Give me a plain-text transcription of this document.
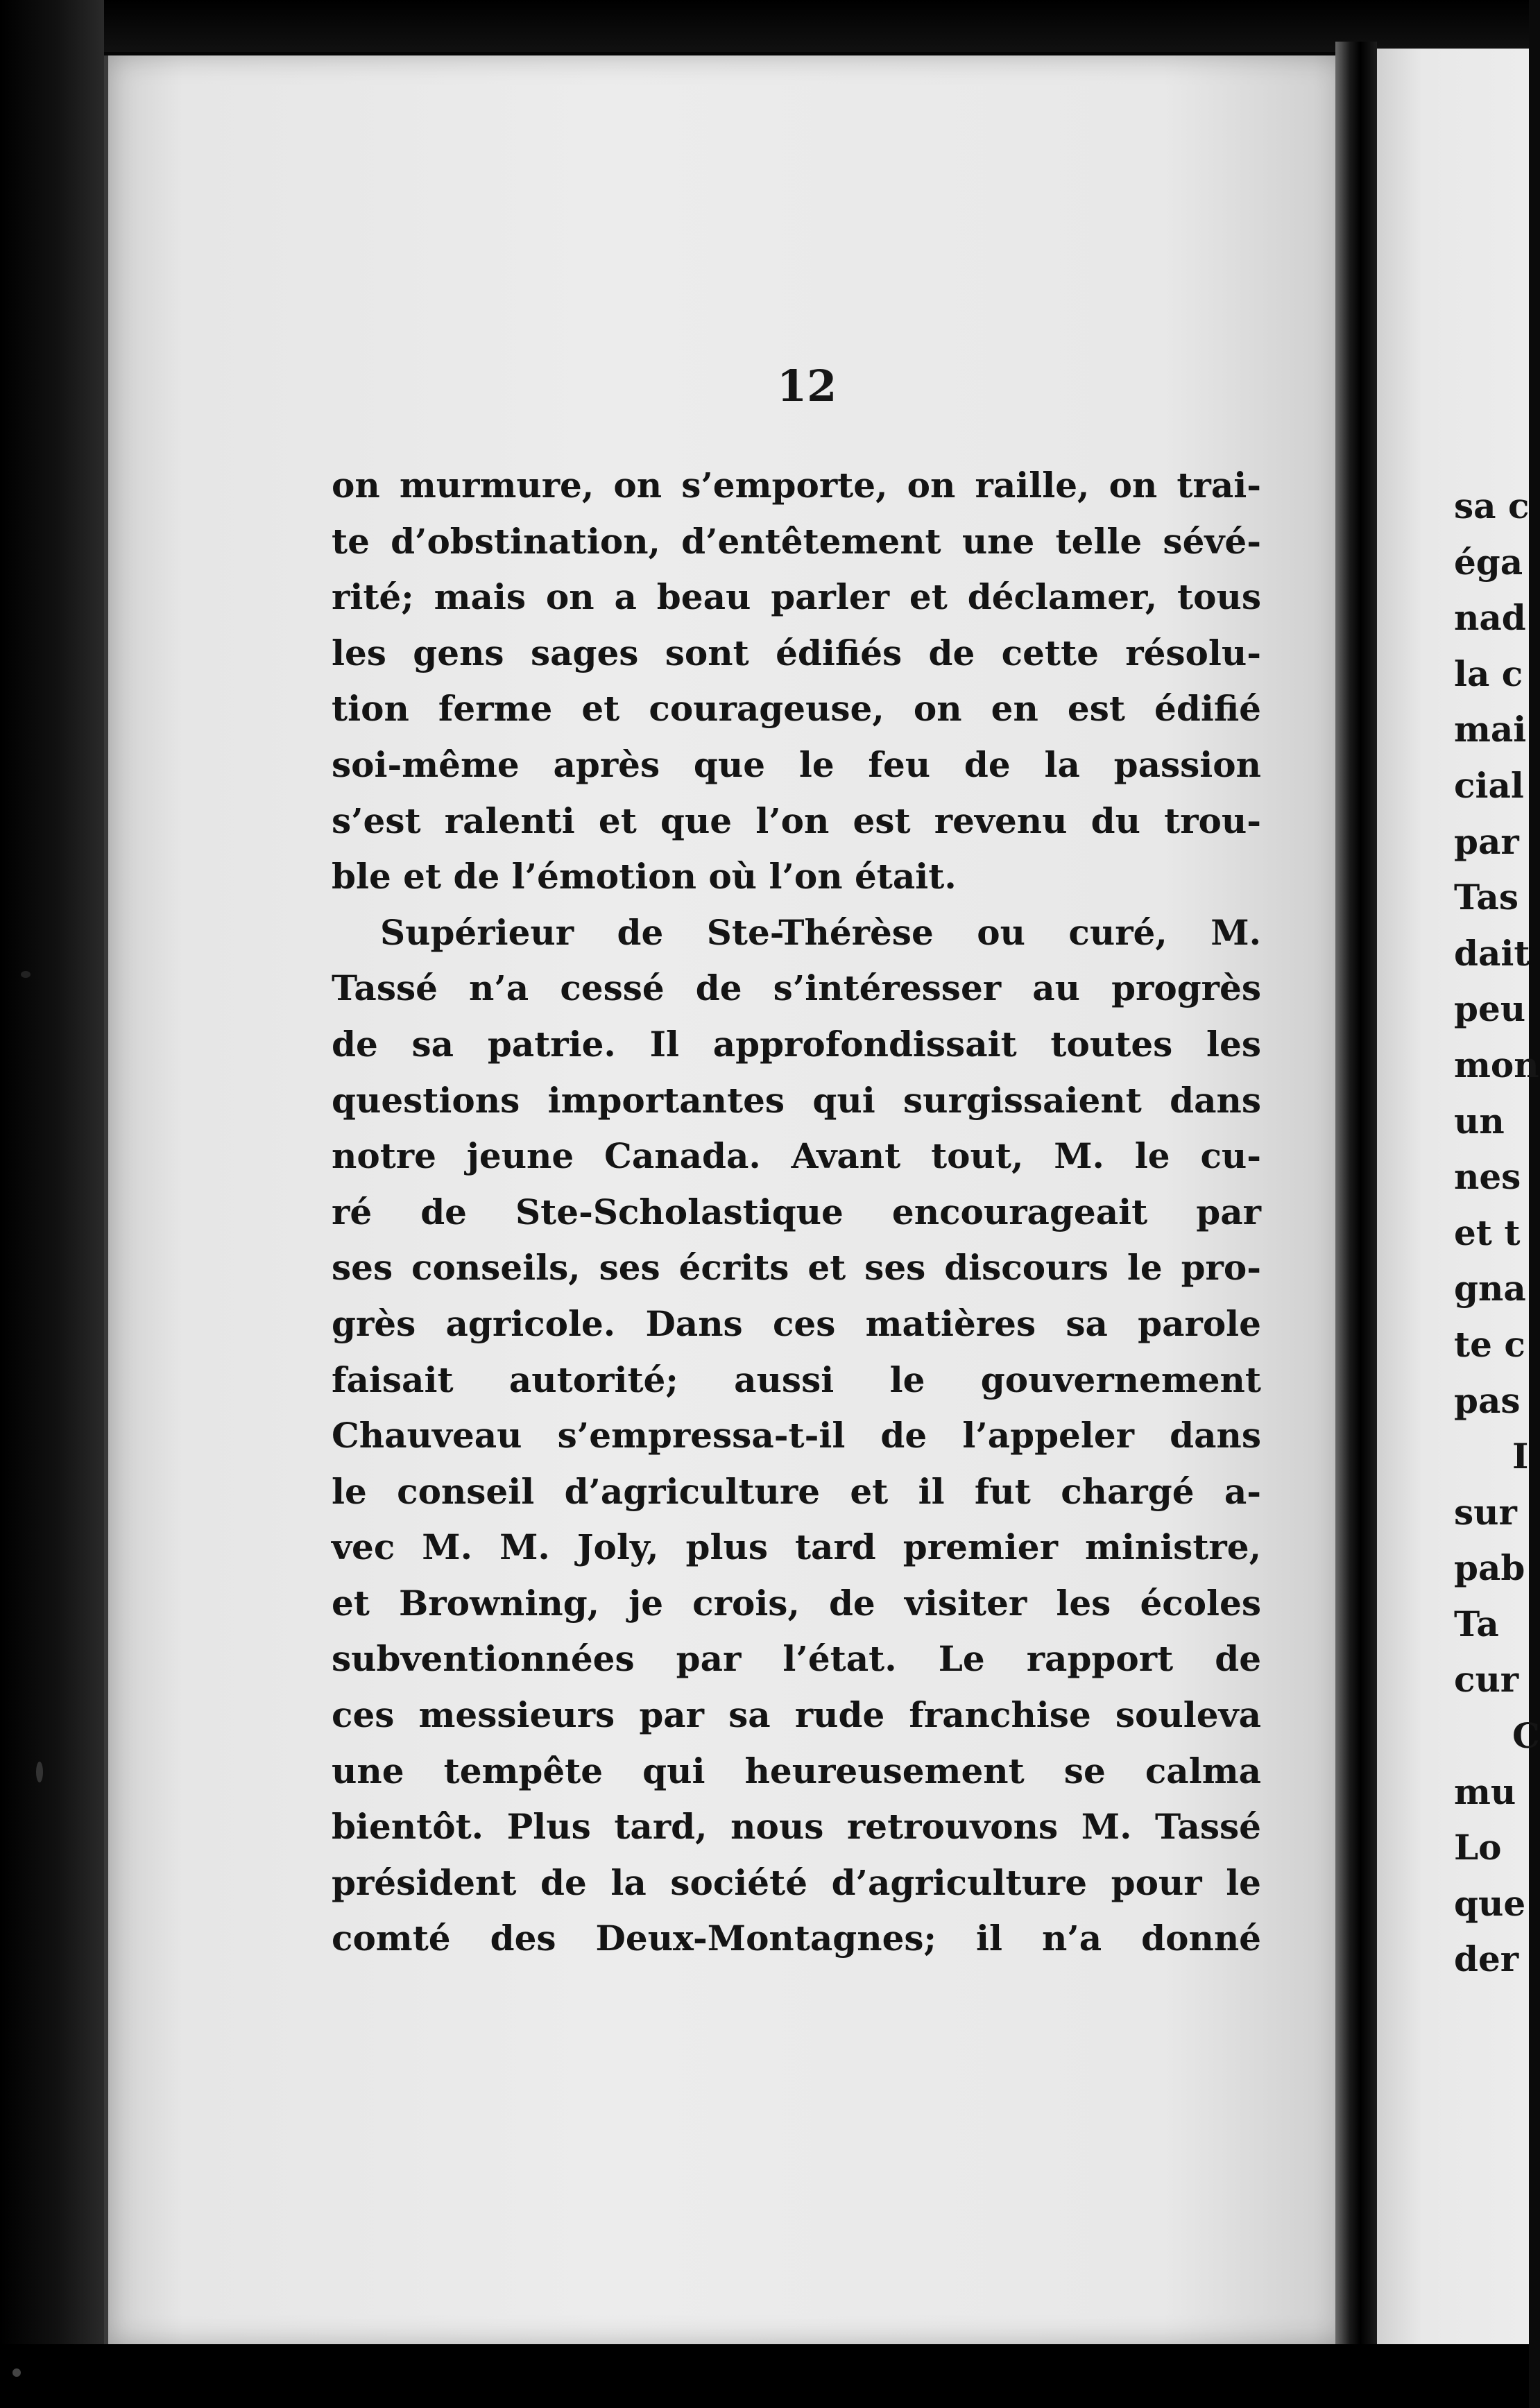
12
on murmure, on s’emporte, on raille, on trai-
te d’obstination, d’entêtement une telle sévé-
rité; mais on a beau parler et déclamer, tous
les gens sages sont édifiés de cette résolu-
tion ferme et courageuse, on en est édifié
soi-même après que le feu de la passion
s’est ralenti et que l’on est revenu du trou-
ble et de l’émotion où l’on était.
Supérieur de Ste-Thérèse ou curé, M.
Tassé n’a cessé de s’intéresser au progrès
de sa patrie. Il approfondissait toutes les
questions importantes qui surgissaient dans
notre jeune Canada. Avant tout, M. le cu-
ré de Ste-Scholastique encourageait par
ses conseils, ses écrits et ses discours le pro-
grès agricole. Dans ces matières sa parole
faisait autorité; aussi le gouvernement
Chauveau s’empressa-t-il de l’appeler dans
le conseil d’agriculture et il fut chargé a-
vec M. M. Joly, plus tard premier ministre,
et Browning, je crois, de visiter les écoles
subventionnées par l’état. Le rapport de
ces messieurs par sa rude franchise souleva
une tempête qui heureusement se calma
bientôt. Plus tard, nous retrouvons M. Tassé
président de la société d’agriculture pour le
comté des Deux-Montagnes; il n’a donné
sa c
éga
nad
la c
mai
cial
par
Tas
dait
peu
mon
un
nes
et t
gna
te c
pas
I
sur
pab
Ta
cur
C
mu
Lo
que
der
